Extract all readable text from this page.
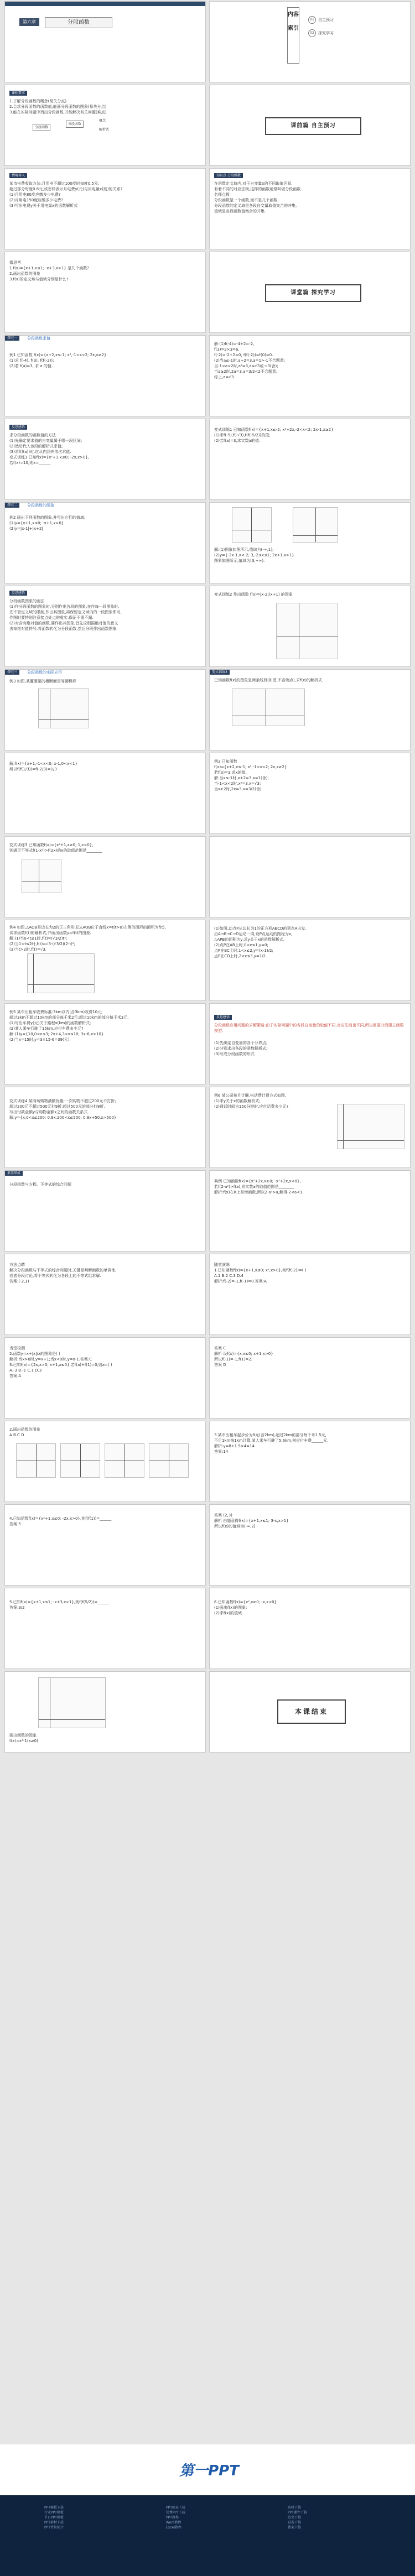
第六章	分段函数
内容索引
01	自主预习
02	探究学习
课标要求
1.了解分段函数的概念(易失分点)
2.会求分段函数的函数值,能画分段函数的图象(易失分点)
3.能在实际问题中列出分段函数,并能解决有关问题(难点)
分段函数
分段函数
概念
解析式
课前篇 自主预习
情境导入
某市电费收取方法:月用电不超过100度时每度0.5元;
超过部分每度0.8元,该怎样表示月电费y(元)与用电量x(度)的关系?
(1)月用电80度应缴多少电费?
(2)月用电150度应缴多少电费?
(3)写出电费y关于用电量x的函数解析式
知识点 分段函数
在函数定义域内,对于自变量x的不同取值区间,
有着不同的对应法则,这样的函数通常叫做分段函数.
名师点拨
分段函数是一个函数,而不是几个函数;
分段函数的定义域是各段自变量取值集合的并集,
值域是各段函数值集合的并集.
微思考
1.f(x)={x+1,x≤1; -x+3,x>1} 是几个函数?
2.画出函数的图象
3.f(x)的定义域与值域分别是什么?
课堂篇 探究学习
探究一	分段函数求值
例1 已知函数 f(x)={x+2,x≤-1; x²,-1<x<2; 2x,x≥2}
(1)求 f(-4), f(3), f(f(-2));
(2)若 f(a)=3, 求 a 的值.
解:(1)f(-4)=-4+2=-2,
f(3)=2×3=6,
f(-2)=-2+2=0, f(f(-2))=f(0)=0.
(2)当a≤-1时,a+2=3,a=1>-1不合题意;
当-1<a<2时,a²=3,a=√3或-√3(舍);
当a≥2时,2a=3,a=3/2<2不合题意.
综上,a=√3.
反思感悟
求分段函数的函数值的方法
(1)先确定要求值的自变量属于哪一段区间;
(2)然后代入该段的解析式求值;
(3)求f(f(a))时,应从内到外依次求值.
变式训练1 已知f(x)={x²+1,x≤0; -2x,x>0},
若f(x)=10,则x=______
变式训练1 已知函数f(x)={x+1,x≤-2; x²+2x,-2<x<2; 2x-1,x≥2}
(1)求f(-5),f(-√3),f(f(-5/2))的值;
(2)若f(a)=3,求实数a的值.
探究二	分段函数的图象
例2 画出下列函数的图象,并写出它们的值域:
(1)y={x+1,x≤0; -x+1,x>0}
(2)y=|x-1|+|x+2|
解:(1)图象如图所示,值域为(-∞,1];
(2)y={-2x-1,x<-2; 3,-2≤x≤1; 2x+1,x>1}
图象如图所示,值域为[3,+∞).
反思感悟
分段函数图象的画法
(1)作分段函数的图象时,分别作出各段的图象,在作每一段图象时,
先不管定义域的限制,作出其图象,再保留定义域内的一段图象即可,
作图时要特别注意接点处点的虚实,保证不重不漏.
(2)对含有绝对值的函数,要作出其图象,首先应根据绝对值的意义
去掉绝对值符号,将函数转化为分段函数,然后分段作出函数图象.
变式训练2 作出函数 f(x)=|x-2|(x+1) 的图象
探究三	分段函数的实际应用
例3 如图,某灌溉渠的横断面是等腰梯形
变式训练3
已知函数f(x)的图象是两条线段(如图,不含端点),求f(x)的解析式.
解:f(x)={x+1,-1<x<0; x-1,0<x<1}
所以f(f(1/3))=f(-2/3)=1/3
例3 已知函数
f(x)={x+2,x≤-1; x²,-1<x<2; 2x,x≥2}
若f(x)=3,求x的值.
解:当x≤-1时,x+2=3,x=1(舍);
当-1<x<2时,x²=3,x=√3;
当x≥2时,2x=3,x=3/2(舍).
变式训练3 已知函数f(x)={x²+1,x≥0; 1,x<0},
则满足不等式f(1-x²)>f(2x)的x的取值范围是________
例4 如图,△AOB是边长为2的正三角形,记△AOB位于直线x=t(t>0)左侧的图形的面积为f(t),
试求函数f(t)的解析式,并画出函数y=f(t)的图象.
解:(1)当0<t≤1时,f(t)=(√3/2)t²;
(2)当1<t≤2时,f(t)=√3-(√3/2)(2-t)²;
(3)当t>2时,f(t)=√3.
(1)如图,动点P从边长为1的正方形ABCD的顶点A出发,
沿A→B→C→D运动一周,设P点运动的路程为x,
△APB的面积为y,求y关于x的函数解析式.
(2)点P在AB上时,0<x≤1,y=0;
点P在BC上时,1<x≤2,y=(x-1)/2;
点P在CD上时,2<x≤3,y=1/2.
例5 某市出租车收费标准:3km以内(含3km)收费10元;
超过3km不超过10km的部分每千米2元;超过10km的部分每千米3元.
(1)写出车费y(元)关于路程x(km)的函数解析式;
(2)某人乘车行驶了15km,应付车费多少元?
解:(1)y={10,0<x≤3; 2x+4,3<x≤10; 3x-6,x>10}
(2)当x=15时,y=3×15-6=39(元).
反思感悟
分段函数应用问题的求解策略:由于实际问题中的各段自变量的取值不同,对应法则也不同,所以需要分段建立函数模型.
(1)先确定自变量的各个分界点;
(2)分别求出各段的函数解析式;
(3)写成分段函数的形式.
变式训练4 某商场购物满额优惠:一次购物不超过200元不打折;
超过200元不超过500元打9折;超过500元的部分打8折.
写出付款金额y与购物金额x之间的函数关系式.
解:y={x,0<x≤200; 0.9x,200<x≤500; 0.8x+50,x>500}
例6 某公司按月计酬,电话费计费方式如图,
(1)求y关于x的函数解析式;
(2)通话时间为150分钟时,应付话费多少元?
素养形成
分段函数与方程、不等式的综合问题
典例 已知函数f(x)={x²+2x,x≥0; -x²+2x,x<0},
若f(2-a²)>f(a),则实数a的取值范围是________
解析:f(x)在R上是增函数,所以2-a²>a,解得-2<a<1.
方法点睛
解决分段函数与不等式的综合问题时,关键是判断函数的单调性,
或者分段讨论,将不等式转化为各段上的不等式组求解.
答案:(-2,1)
随堂演练
1.已知函数f(x)={x+1,x≤0; x²,x>0},则f(f(-2))=( )
A.1 B.2 C.3 D.4
解析:f(-2)=-1,f(-1)=0.答案:A
当堂检测
2.函数y=x+|x|/x的图象是( )
解析:当x>0时,y=x+1;当x<0时,y=x-1.答案:C
3.已知f(x)={2x,x>0; x+1,x≤0},若f(a)+f(1)=0,则a=( )
A.-3 B.-1 C.1 D.3
答案:A
答案 C
解析 设f(x)={x,x≤0; x+1,x>0}
所以f(-1)=-1,f(1)=2.
答案 D
2.画出函数的图象
A B C D	3.某市出租车起步价为8元(含2km),超过2km的部分每千米1.5元,
不足1km按1km计算,某人乘车行驶了5.6km,则应付车费______元.
解析:y=8+1.5×4=14
答案:14
4.已知函数f(x)={x²+1,x≤0; -2x,x>0},则f(f(1))=______
答案:5
答案 (2,3)
解析 由题意得f(x)={x+1,x≤1; 3-x,x>1}
所以f(x)的值域为(-∞,2]
5.已知f(x)={x+1,x≤1; -x+3,x>1},则f(f(5/2))=______
答案:3/2
6.已知函数f(x)={x²,x≥0; -x,x<0}
(1)画出f(x)的图象;
(2)求f(x)的值域.
画出函数的图象
f(x)=x²-1(x≥0)
本课结束
第一PPT
PPT模板下载
行业PPT模板
节日PPT模板
PPT素材下载
PPT背景图片
PPT图表下载
优秀PPT下载
PPT教程
Word教程
Excel教程
资料下载
PPT课件下载
范文下载
试卷下载
教案下载
